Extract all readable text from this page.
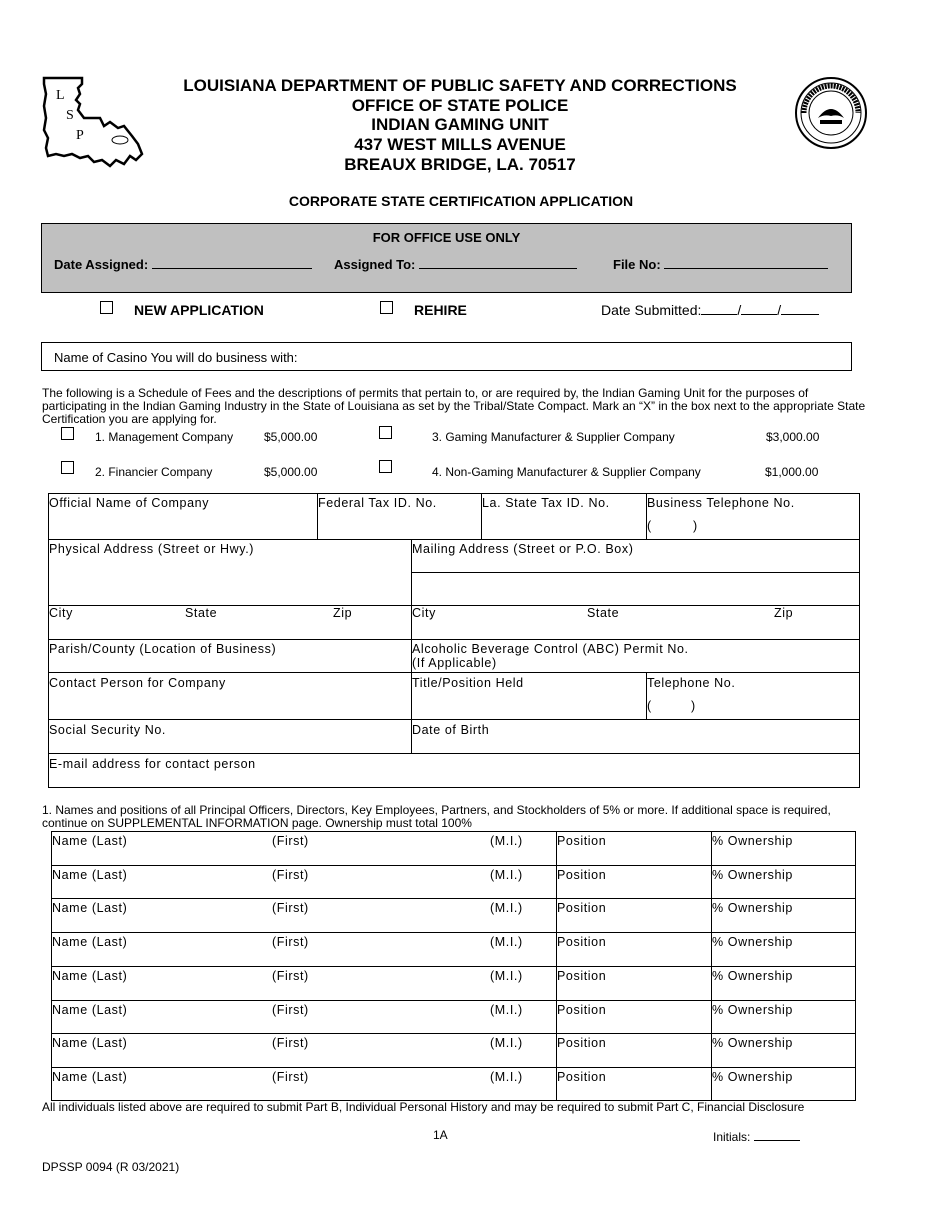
L
S
P
LOUISIANA DEPARTMENT OF PUBLIC SAFETY AND CORRECTIONS
OFFICE OF STATE POLICE
INDIAN GAMING UNIT
437 WEST MILLS AVENUE
BREAUX BRIDGE, LA. 70517
CORPORATE STATE CERTIFICATION APPLICATION
FOR OFFICE USE ONLY
Date Assigned:	Assigned To:	File No:
NEW APPLICATION	REHIRE	Date Submitted:	/	/
Name of Casino You will do business with:
The following is a Schedule of Fees and the descriptions of permits that pertain to, or are required by, the Indian Gaming Unit for the purposes of participating in the Indian Gaming Industry in the State of Louisiana as set by the Tribal/State Compact. Mark an “X” in the box next to the appropriate State Certification you are applying for.
1. Management Company	$5,000.00
2. Financier Company	$5,000.00
3. Gaming Manufacturer & Supplier Company	$3,000.00
4. Non-Gaming Manufacturer & Supplier Company	$1,000.00
Official Name of Company	Federal Tax ID. No.	La. State Tax ID. No.	Business Telephone No.
(	)
Physical Address (Street or Hwy.)	Mailing Address (Street or P.O. Box)
City	State	Zip	City	State	Zip
Parish/County (Location of Business)	Alcoholic Beverage Control (ABC) Permit No.
(If Applicable)
Contact Person for Company	Title/Position Held	Telephone No.
(	)
Social Security No.	Date of Birth
E-mail address for contact person
1. Names and positions of all Principal Officers, Directors, Key Employees, Partners, and Stockholders of 5% or more. If additional space is required, continue on SUPPLEMENTAL INFORMATION page. Ownership must total 100%
Name (Last)	(First)	(M.I.)	Position	% Ownership
Name (Last)	(First)	(M.I.)	Position	% Ownership
Name (Last)	(First)	(M.I.)	Position	% Ownership
Name (Last)	(First)	(M.I.)	Position	% Ownership
Name (Last)	(First)	(M.I.)	Position	% Ownership
Name (Last)	(First)	(M.I.)	Position	% Ownership
Name (Last)	(First)	(M.I.)	Position	% Ownership
Name (Last)	(First)	(M.I.)	Position	% Ownership
All individuals listed above are required to submit Part B, Individual Personal History and may be required to submit Part C, Financial Disclosure
1A	Initials:
DPSSP 0094 (R 03/2021)
